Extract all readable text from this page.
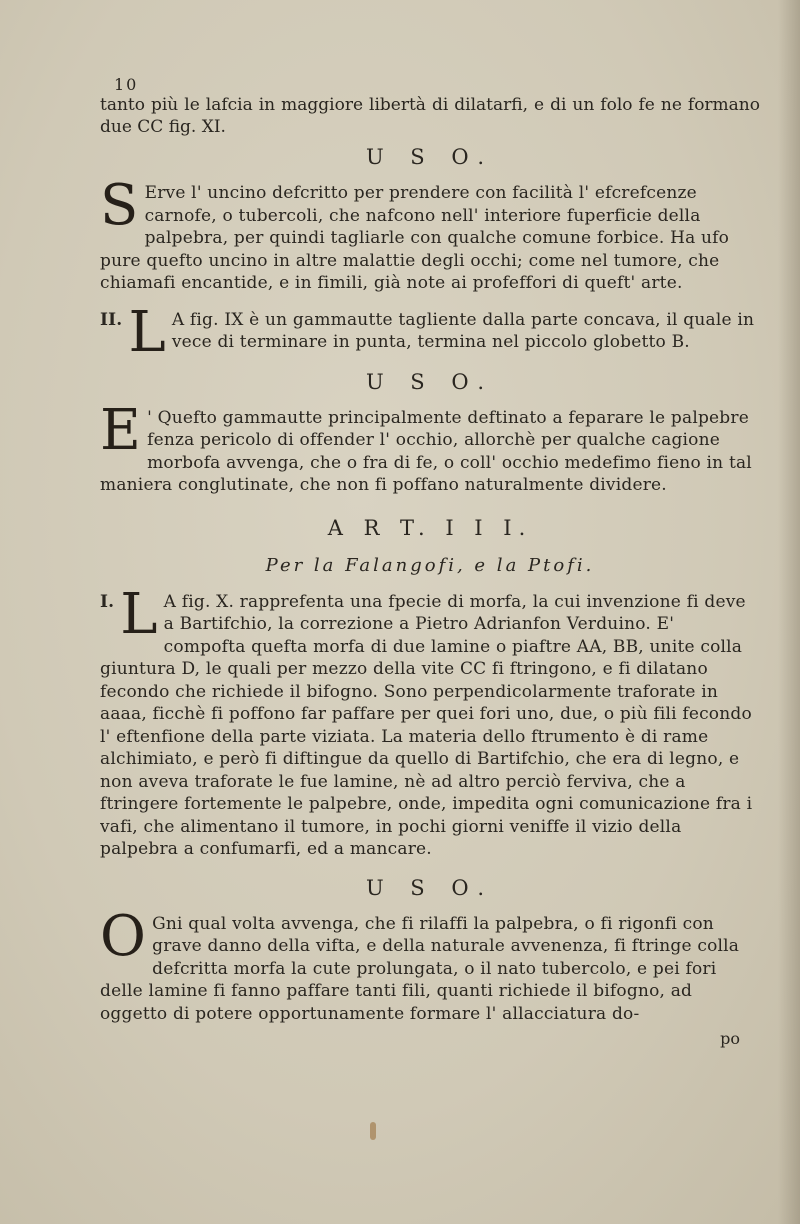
10

tanto più le lafcia in maggiore libertà di dilatarfi, e di un folo fe ne formano due CC fig. XI.

U S O.
S Erve l' uncino defcritto per prendere con facilità l' efcrefcenze carnofe, o tubercoli, che nafcono nell' interiore fuperficie della palpebra, per quindi tagliarle con qualche comune forbice. Ha ufo pure quefto uncino in altre malattie degli occhi; come nel tumore, che chiamafi encantide, e in fimili, già note ai profeffori di queft' arte.
II. L A fig. IX è un gammautte tagliente dalla parte concava, il quale in vece di terminare in punta, termina nel piccolo globetto B.
U S O.
E ' Quefto gammautte principalmente deftinato a feparare le palpebre fenza pericolo di offender l' occhio, allorchè per qualche cagione morbofa avvenga, che o fra di fe, o coll' occhio medefimo fieno in tal maniera conglutinate, che non fi poffano naturalmente dividere.
A R T. I I I.
Per la Falangofi, e la Ptofi.
I. L A fig. X. rapprefenta una fpecie di morfa, la cui invenzione fi deve a Bartifchio, la correzione a Pietro Adrianfon Verduino. E' compofta quefta morfa di due lamine o piaftre AA, BB, unite colla giuntura D, le quali per mezzo della vite CC fi ftringono, e fi dilatano fecondo che richiede il bifogno. Sono perpendicolarmente traforate in aaaa, ficchè fi poffono far paffare per quei fori uno, due, o più fili fecondo l' eftenfione della parte viziata. La materia dello ftrumento è di rame alchimiato, e però fi diftingue da quello di Bartifchio, che era di legno, e non aveva traforate le fue lamine, nè ad altro perciò ferviva, che a ftringere fortemente le palpebre, onde, impedita ogni comunicazione fra i vafi, che alimentano il tumore, in pochi giorni veniffe il vizio della palpebra a confumarfi, ed a mancare.
U S O.
O Gni qual volta avvenga, che fi rilaffi la palpebra, o fi rigonfi con grave danno della vifta, e della naturale avvenenza, fi ftringe colla defcritta morfa la cute prolungata, o il nato tubercolo, e pei fori delle lamine fi fanno paffare tanti fili, quanti richiede il bifogno, ad oggetto di potere opportunamente formare l' allacciatura do-
po
